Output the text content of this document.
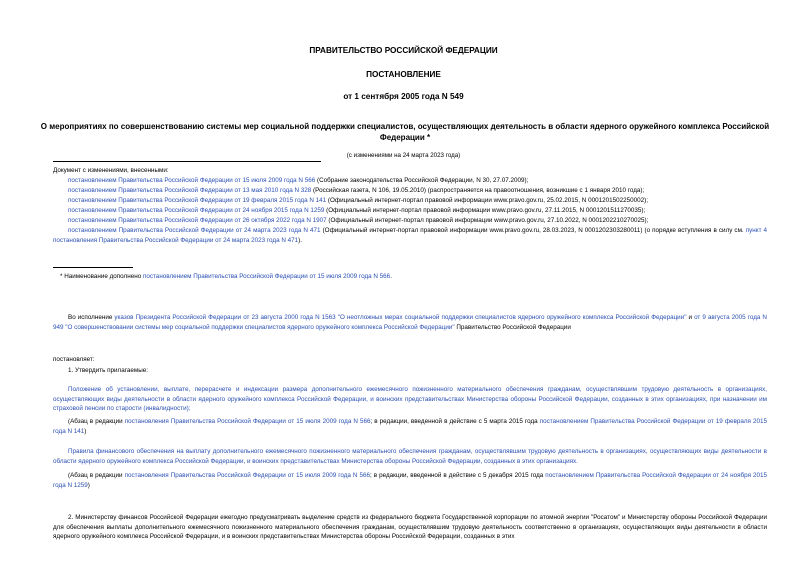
ПРАВИТЕЛЬСТВО РОССИЙСКОЙ ФЕДЕРАЦИИ
ПОСТАНОВЛЕНИЕ
от 1 сентября 2005 года N 549
О мероприятиях по совершенствованию системы мер социальной поддержки специалистов, осуществляющих деятельность в области ядерного оружейного комплекса Российской Федерации *
(с изменениями на 24 марта 2023 года)
Документ с изменениями, внесенными:
постановлением Правительства Российской Федерации от 15 июля 2009 года N 566 (Собрание законодательства Российской Федерации, N 30, 27.07.2009);
постановлением Правительства Российской Федерации от 13 мая 2010 года N 328 (Российская газета, N 106, 19.05.2010) (распространяется на правоотношения, возникшие с 1 января 2010 года);
постановлением Правительства Российской Федерации от 19 февраля 2015 года N 141 (Официальный интернет-портал правовой информации www.pravo.gov.ru, 25.02.2015, N 0001201502250002);
постановлением Правительства Российской Федерации от 24 ноября 2015 года N 1259 (Официальный интернет-портал правовой информации www.pravo.gov.ru, 27.11.2015, N 0001201511270035);
постановлением Правительства Российской Федерации от 26 октября 2022 года N 1907 (Официальный интернет-портал правовой информации www.pravo.gov.ru, 27.10.2022, N 0001202210270025);
постановлением Правительства Российской Федерации от 24 марта 2023 года N 471 (Официальный интернет-портал правовой информации www.pravo.gov.ru, 28.03.2023, N 0001202303280011) (о порядке вступления в силу см. пункт 4 постановления Правительства Российской Федерации от 24 марта 2023 года N 471).
* Наименование дополнено постановлением Правительства Российской Федерации от 15 июля 2009 года N 566.
Во исполнение указов Президента Российской Федерации от 23 августа 2000 года N 1563 "О неотложных мерах социальной поддержки специалистов ядерного оружейного комплекса Российской Федерации" и от 9 августа 2005 года N 949 "О совершенствовании системы мер социальной поддержки специалистов ядерного оружейного комплекса Российской Федерации" Правительство Российской Федерации
постановляет:
1. Утвердить прилагаемые:
Положение об установлении, выплате, перерасчете и индексации размера дополнительного ежемесячного пожизненного материального обеспечения гражданам, осуществлявшим трудовую деятельность в организациях, осуществляющих виды деятельности в области ядерного оружейного комплекса Российской Федерации, и воинских представительствах Министерства обороны Российской Федерации, созданных в этих организациях, при назначении им страховой пенсии по старости (инвалидности);
(Абзац в редакции постановления Правительства Российской Федерации от 15 июля 2009 года N 566; в редакции, введенной в действие с 5 марта 2015 года постановлением Правительства Российской Федерации от 19 февраля 2015 года N 141)
Правила финансового обеспечения на выплату дополнительного ежемесячного пожизненного материального обеспечения гражданам, осуществлявшим трудовую деятельность в организациях, осуществляющих виды деятельности в области ядерного оружейного комплекса Российской Федерации, и воинских представительствах Министерства обороны Российской Федерации, созданных в этих организациях.
(Абзац в редакции постановления Правительства Российской Федерации от 15 июля 2009 года N 566; в редакции, введенной в действие с 5 декабря 2015 года постановлением Правительства Российской Федерации от 24 ноября 2015 года N 1259)
2. Министерству финансов Российской Федерации ежегодно предусматривать выделение средств из федерального бюджета Государственной корпорации по атомной энергии "Росатом" и Министерству обороны Российской Федерации для обеспечения выплаты дополнительного ежемесячного пожизненного материального обеспечения гражданам, осуществлявшим трудовую деятельность соответственно в организациях, осуществляющих виды деятельности в области ядерного оружейного комплекса Российской Федерации, и в воинских представительствах Министерства обороны Российской Федерации, созданных в этих
